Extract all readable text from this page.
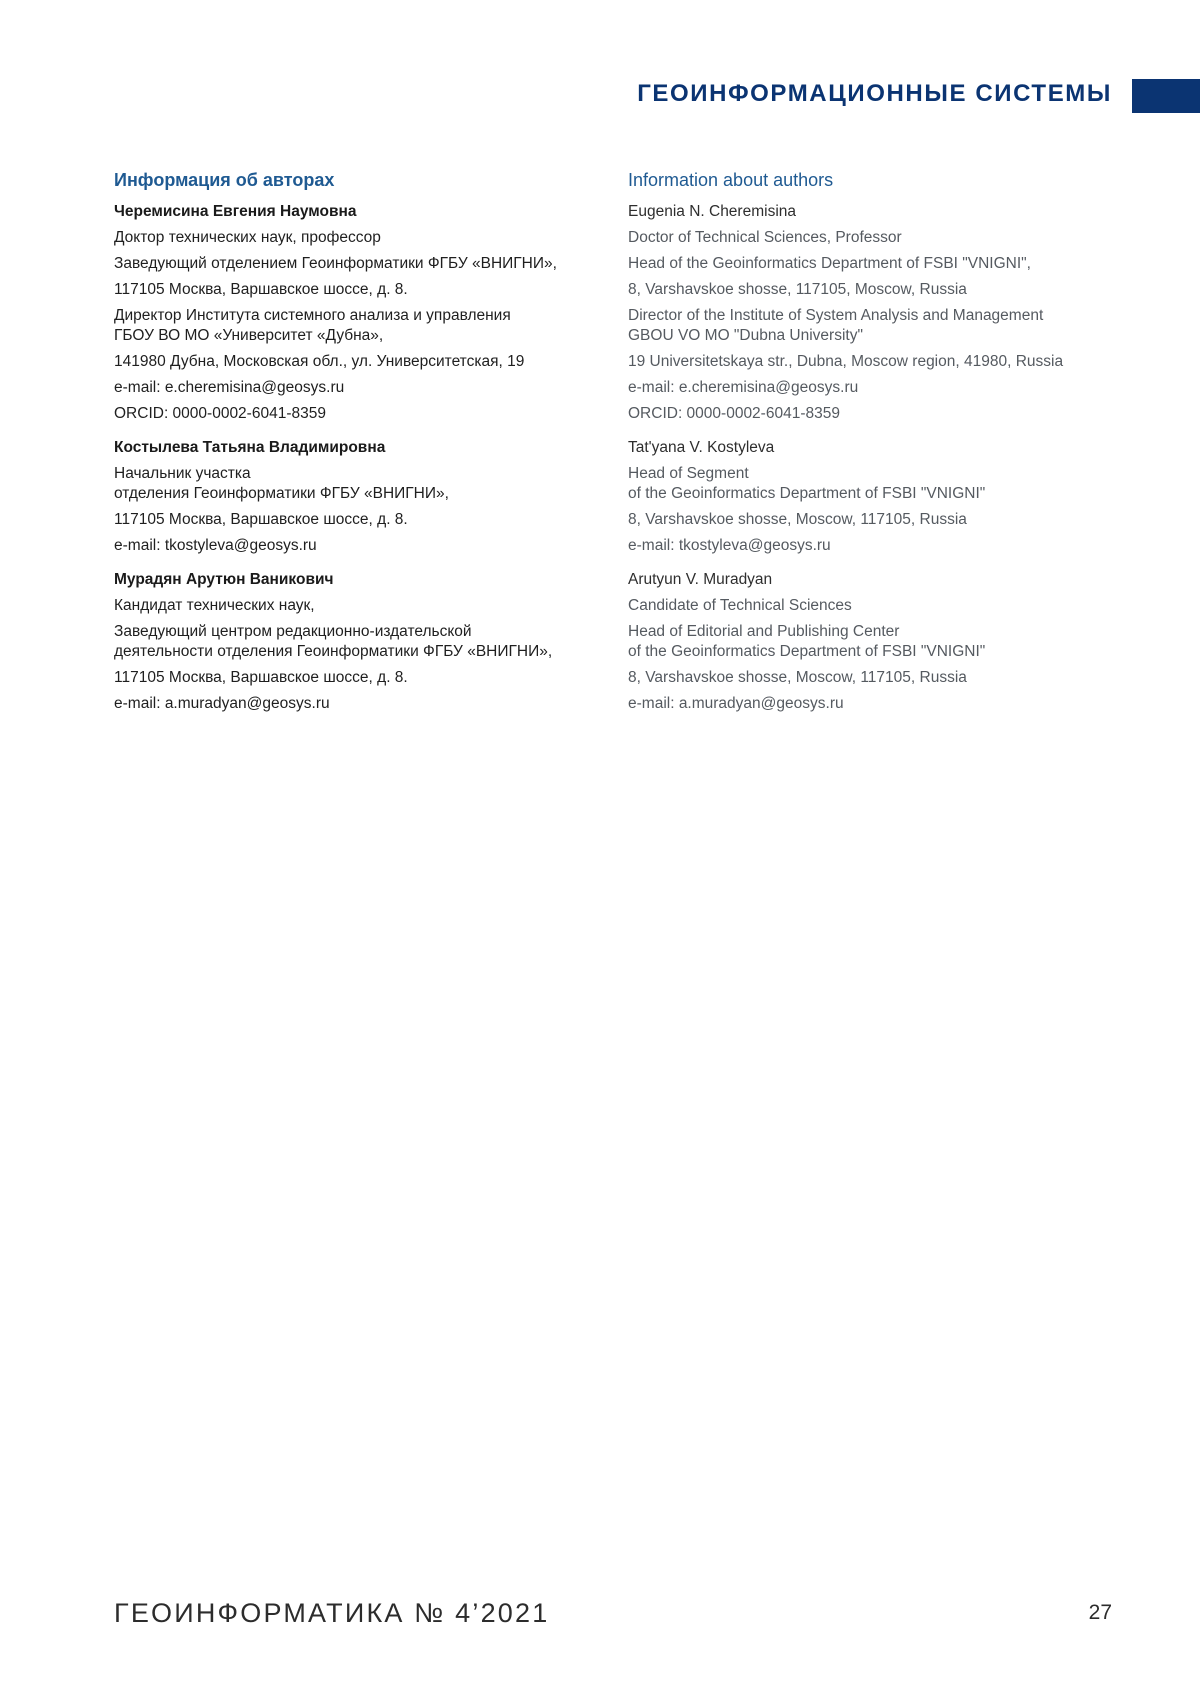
ГЕОИНФОРМАЦИОННЫЕ СИСТЕМЫ
Информация об авторах
Черемисина Евгения Наумовна
Доктор технических наук, профессор
Заведующий отделением Геоинформатики ФГБУ «ВНИГНИ»,
117105 Москва, Варшавское шоссе, д. 8.
Директор Института системного анализа и управления
ГБОУ ВО МО «Университет «Дубна»,
141980 Дубна, Московская обл., ул. Университетская, 19
e-mail: e.cheremisina@geosys.ru
ORCID: 0000-0002-6041-8359
Костылева Татьяна Владимировна
Начальник участка
отделения Геоинформатики ФГБУ «ВНИГНИ»,
117105 Москва, Варшавское шоссе, д. 8.
e-mail: tkostyleva@geosys.ru
Мурадян Арутюн Ваникович
Кандидат технических наук,
Заведующий центром редакционно-издательской
деятельности отделения Геоинформатики ФГБУ «ВНИГНИ»,
117105 Москва, Варшавское шоссе, д. 8.
e-mail: a.muradyan@geosys.ru
Information about authors
Eugenia N. Cheremisina
Doctor of Technical Sciences, Professor
Head of the Geoinformatics Department of FSBI "VNIGNI",
8, Varshavskoe shosse, 117105, Moscow, Russia
Director of the Institute of System Analysis and Management
GBOU VO MO "Dubna University"
19 Universitetskaya str., Dubna, Moscow region, 41980, Russia
e-mail: e.cheremisina@geosys.ru
ORCID: 0000-0002-6041-8359
Tat'yana V. Kostyleva
Head of Segment
of the Geoinformatics Department of FSBI "VNIGNI"
8, Varshavskoe shosse, Moscow, 117105, Russia
e-mail: tkostyleva@geosys.ru
Arutyun V. Muradyan
Candidate of Technical Sciences
Head of Editorial and Publishing Center
of the Geoinformatics Department of FSBI "VNIGNI"
8, Varshavskoe shosse, Moscow, 117105, Russia
e-mail: a.muradyan@geosys.ru
ГЕОИНФОРМАТИКА № 4’2021	27
